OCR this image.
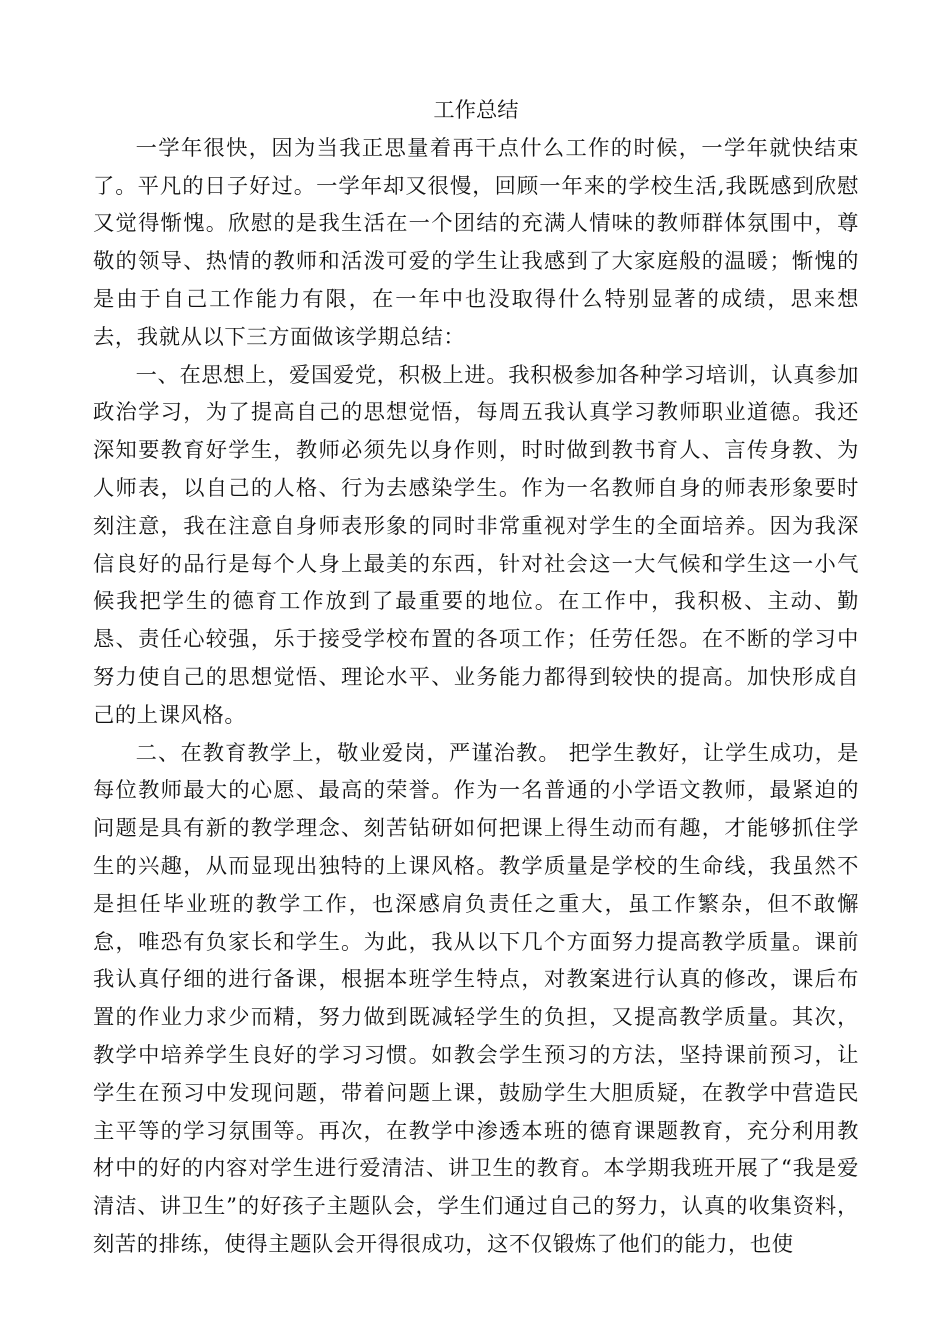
工作总结

一学年很快，因为当我正思量着再干点什么工作的时候，一学年就快结束了。平凡的日子好过。一学年却又很慢，回顾一年来的学校生活,我既感到欣慰又觉得惭愧。欣慰的是我生活在一个团结的充满人情味的教师群体氛围中，尊敬的领导、热情的教师和活泼可爱的学生让我感到了大家庭般的温暖；惭愧的是由于自己工作能力有限，在一年中也没取得什么特别显著的成绩，思来想去，我就从以下三方面做该学期总结：

一、在思想上，爱国爱党，积极上进。我积极参加各种学习培训，认真参加政治学习，为了提高自己的思想觉悟，每周五我认真学习教师职业道德。我还深知要教育好学生，教师必须先以身作则，时时做到教书育人、言传身教、为人师表，以自己的人格、行为去感染学生。作为一名教师自身的师表形象要时刻注意，我在注意自身师表形象的同时非常重视对学生的全面培养。因为我深信良好的品行是每个人身上最美的东西，针对社会这一大气候和学生这一小气候我把学生的德育工作放到了最重要的地位。在工作中，我积极、主动、勤恳、责任心较强，乐于接受学校布置的各项工作；任劳任怨。在不断的学习中努力使自己的思想觉悟、理论水平、业务能力都得到较快的提高。加快形成自己的上课风格。

二、在教育教学上，敬业爱岗，严谨治教。 把学生教好，让学生成功，是每位教师最大的心愿、最高的荣誉。作为一名普通的小学语文教师，最紧迫的问题是具有新的教学理念、刻苦钻研如何把课上得生动而有趣，才能够抓住学生的兴趣，从而显现出独特的上课风格。教学质量是学校的生命线，我虽然不是担任毕业班的教学工作，也深感肩负责任之重大，虽工作繁杂，但不敢懈怠，唯恐有负家长和学生。为此，我从以下几个方面努力提高教学质量。课前我认真仔细的进行备课，根据本班学生特点，对教案进行认真的修改，课后布置的作业力求少而精，努力做到既减轻学生的负担，又提高教学质量。其次，教学中培养学生良好的学习习惯。如教会学生预习的方法，坚持课前预习，让学生在预习中发现问题，带着问题上课，鼓励学生大胆质疑，在教学中营造民主平等的学习氛围等。再次，在教学中渗透本班的德育课题教育，充分利用教材中的好的内容对学生进行爱清洁、讲卫生的教育。本学期我班开展了“我是爱清洁、讲卫生”的好孩子主题队会，学生们通过自己的努力，认真的收集资料，刻苦的排练，使得主题队会开得很成功，这不仅锻炼了他们的能力，也使
